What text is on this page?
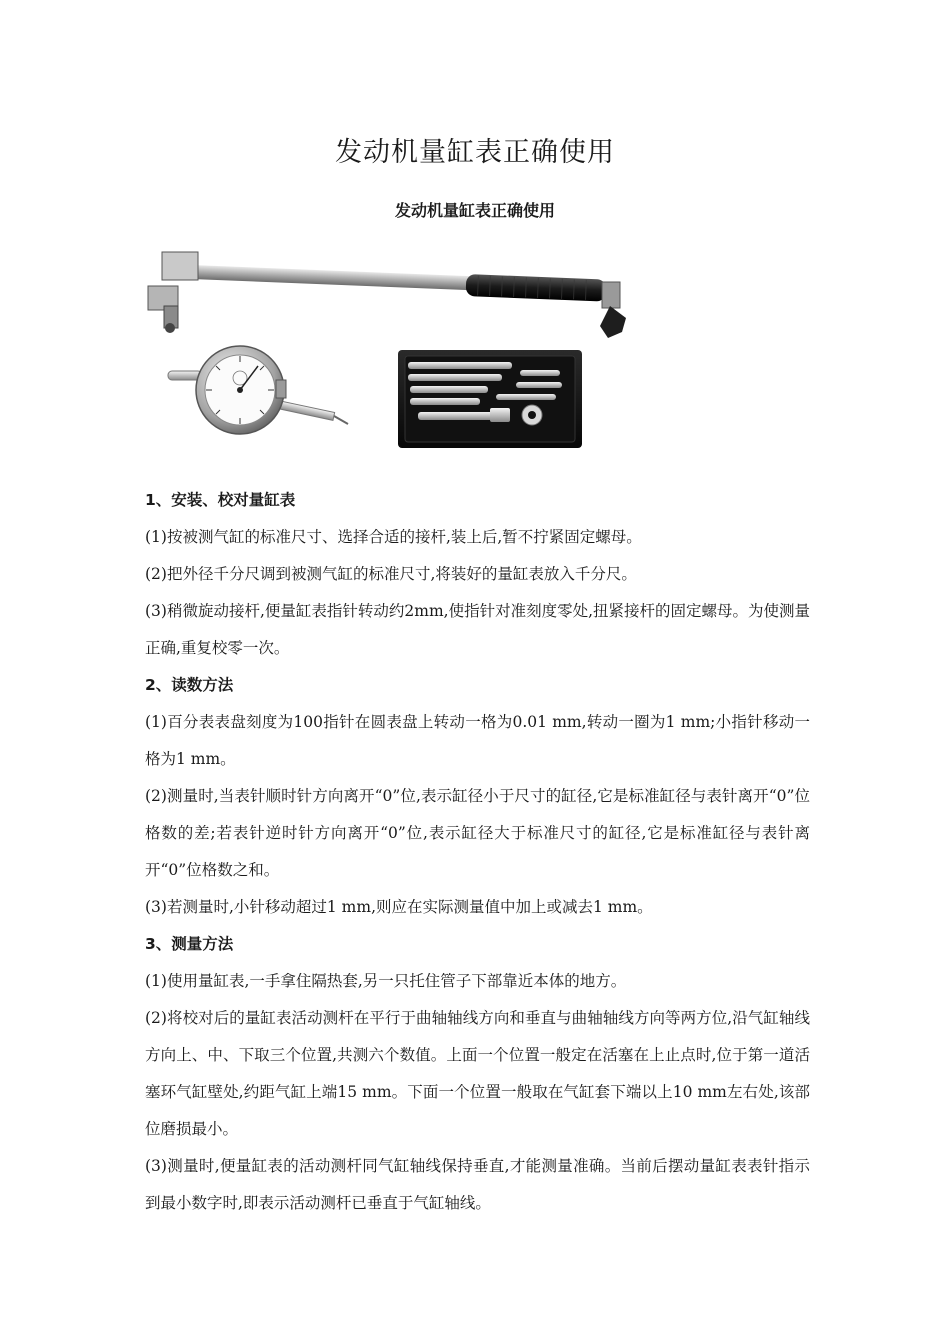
发动机量缸表正确使用
发动机量缸表正确使用

1、安装、校对量缸表

(1)按被测气缸的标准尺寸、选择合适的接杆,装上后,暂不拧紧固定螺母。

(2)把外径千分尺调到被测气缸的标准尺寸,将装好的量缸表放入千分尺。

(3)稍微旋动接杆,便量缸表指针转动约2mm,使指针对准刻度零处,扭紧接杆的固定螺母。为使测量正确,重复校零一次。

2、读数方法

(1)百分表表盘刻度为100指针在圆表盘上转动一格为0.01 mm,转动一圈为1 mm;小指针移动一格为1 mm。

(2)测量时,当表针顺时针方向离开“0”位,表示缸径小于尺寸的缸径,它是标准缸径与表针离开“0”位格数的差;若表针逆时针方向离开“0”位,表示缸径大于标准尺寸的缸径,它是标准缸径与表针离开“0”位格数之和。

(3)若测量时,小针移动超过1 mm,则应在实际测量值中加上或减去1 mm。

3、测量方法

(1)使用量缸表,一手拿住隔热套,另一只托住管子下部靠近本体的地方。

(2)将校对后的量缸表活动测杆在平行于曲轴轴线方向和垂直与曲轴轴线方向等两方位,沿气缸轴线方向上、中、下取三个位置,共测六个数值。上面一个位置一般定在活塞在上止点时,位于第一道活塞环气缸壁处,约距气缸上端15 mm。下面一个位置一般取在气缸套下端以上10 mm左右处,该部位磨损最小。

(3)测量时,便量缸表的活动测杆同气缸轴线保持垂直,才能测量准确。当前后摆动量缸表表针指示到最小数字时,即表示活动测杆已垂直于气缸轴线。
